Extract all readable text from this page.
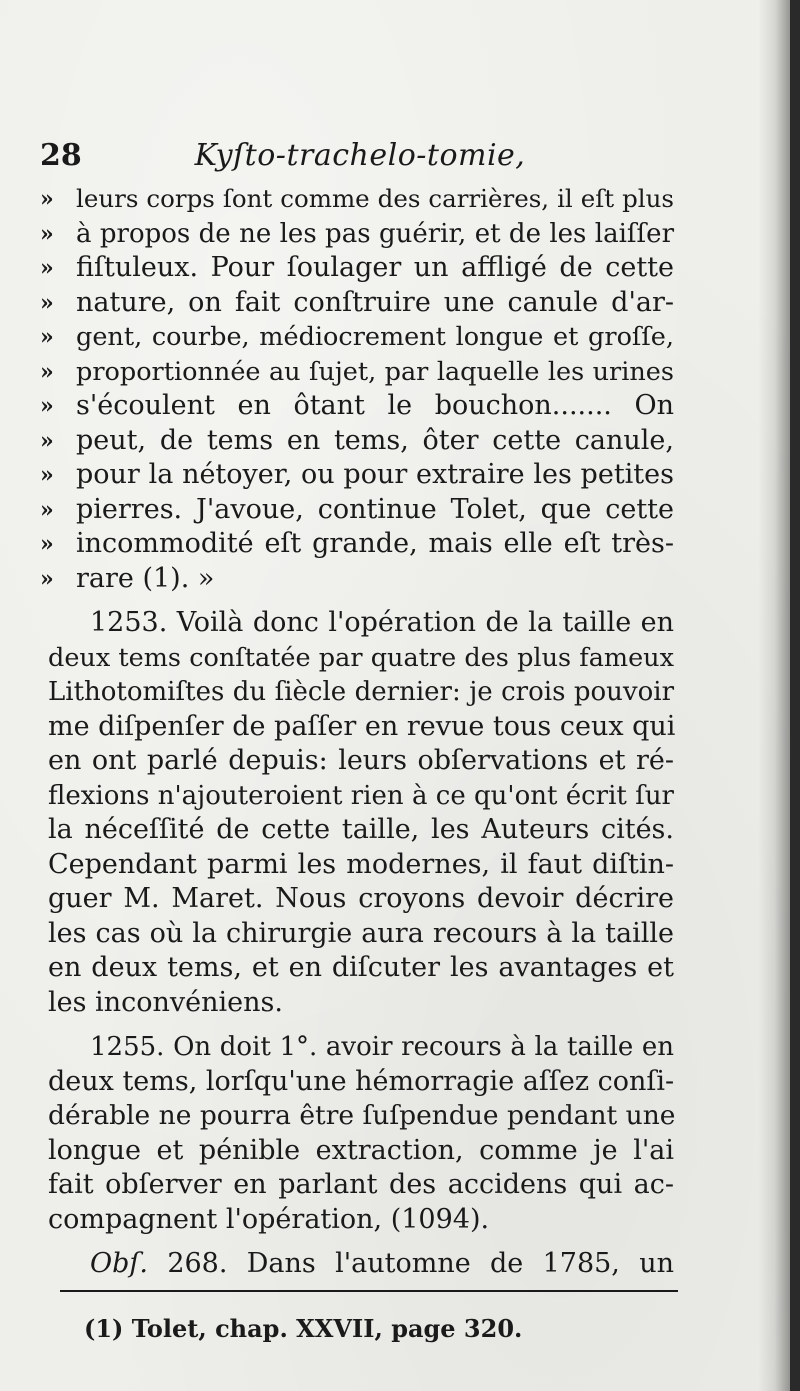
Kyſto-trachelo-tomie,
28
» leurs corps ſont comme des carrières, il eſt plus
» à propos de ne les pas guérir, et de les laiſſer
» fiſtuleux. Pour ſoulager un affligé de cette
» nature, on fait conſtruire une canule d'ar-
» gent, courbe, médiocrement longue et groſſe,
» proportionnée au ſujet, par laquelle les urines
» s'écoulent en ôtant le bouchon....... On
» peut, de tems en tems, ôter cette canule,
» pour la nétoyer, ou pour extraire les petites
» pierres. J'avoue, continue Tolet, que cette
» incommodité eſt grande, mais elle eſt très-
» rare (1). »
1253. Voilà donc l'opération de la taille en
deux tems conſtatée par quatre des plus fameux
Lithotomiſtes du ſiècle dernier: je crois pouvoir
me diſpenſer de paſſer en revue tous ceux qui
en ont parlé depuis: leurs obſervations et ré-
flexions n'ajouteroient rien à ce qu'ont écrit ſur
la néceſſité de cette taille, les Auteurs cités.
Cependant parmi les modernes, il faut diſtin-
guer M. Maret. Nous croyons devoir décrire
les cas où la chirurgie aura recours à la taille
en deux tems, et en diſcuter les avantages et
les inconvéniens.
1255. On doit 1°. avoir recours à la taille en
deux tems, lorſqu'une hémorragie aſſez conſi-
dérable ne pourra être ſuſpendue pendant une
longue et pénible extraction, comme je l'ai
fait obſerver en parlant des accidens qui ac-
compagnent l'opération, (1094).
Obſ. 268. Dans l'automne de 1785, un
(1) Tolet, chap. XXVII, page 320.
